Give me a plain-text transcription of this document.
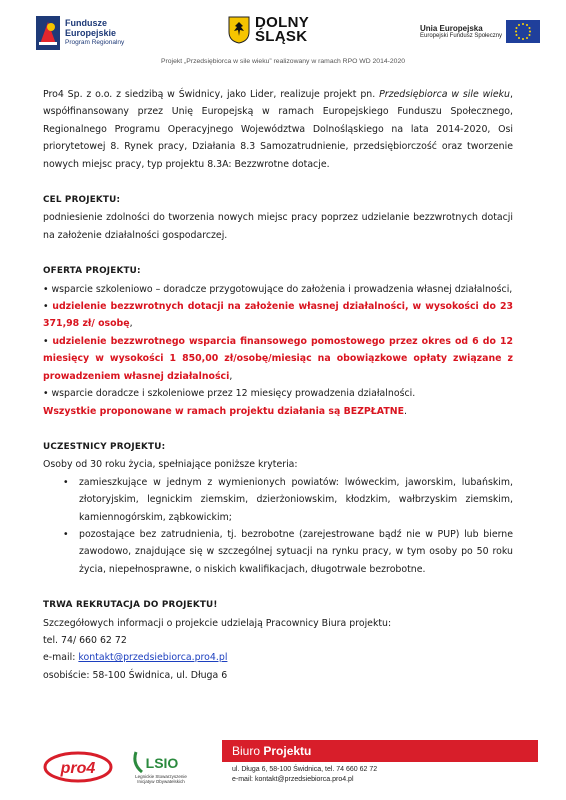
Fundusze
Europejskie
Program Regionalny
DOLNY
ŚLĄSK	Unia Europejska
Europejski Fundusz Społeczny
Projekt „Przedsiębiorca w sile wieku” realizowany w ramach RPO WD 2014-2020

Pro4 Sp. z o.o. z siedzibą w Świdnicy, jako Lider, realizuje projekt pn. Przedsiębiorca w sile wieku, współfinansowany przez Unię Europejską w ramach Europejskiego Funduszu Społecznego, Regionalnego Programu Operacyjnego Województwa Dolnośląskiego na lata 2014-2020, Osi priorytetowej 8. Rynek pracy, Działania 8.3 Samozatrudnienie, przedsiębiorczość oraz tworzenie nowych miejsc pracy, typ projektu 8.3A: Bezzwrotne dotacje.

CEL PROJEKTU:

podniesienie zdolności do tworzenia nowych miejsc pracy poprzez udzielanie bezzwrotnych dotacji na założenie działalności gospodarczej.

OFERTA PROJEKTU:
• wsparcie szkoleniowo – doradcze przygotowujące do założenia i prowadzenia własnej działalności,
• udzielenie bezzwrotnych dotacji na założenie własnej działalności, w wysokości do 23 371,98 zł/ osobę,
• udzielenie bezzwrotnego wsparcia finansowego pomostowego przez okres od 6 do 12 miesięcy w wysokości 1 850,00 zł/osobę/miesiąc na obowiązkowe opłaty związane z prowadzeniem własnej działalności,
• wsparcie doradcze i szkoleniowe przez 12 miesięcy prowadzenia działalności.

Wszystkie proponowane w ramach projektu działania są BEZPŁATNE.

UCZESTNICY PROJEKTU:

Osoby od 30 roku życia, spełniające poniższe kryteria:

• zamieszkujące w jednym z wymienionych powiatów: lwóweckim, jaworskim, lubańskim, złotoryjskim, legnickim ziemskim, dzierżoniowskim, kłodzkim, wałbrzyskim ziemskim, kamiennogórskim, ząbkowickim;
• pozostające bez zatrudnienia, tj. bezrobotne (zarejestrowane bądź nie w PUP) lub bierne zawodowo, znajdujące się w szczególnej sytuacji na rynku pracy, w tym osoby po 50 roku życia, niepełnosprawne, o niskich kwalifikacjach, długotrwale bezrobotne.
TRWA REKRUTACJA DO PROJEKTU!

Szczegółowych informacji o projekcie udzielają Pracownicy Biura projektu:

tel. 74/ 660 62 72

e-mail: kontakt@przedsiebiorca.pro4.pl

osobiście: 58-100 Świdnica, ul. Długa 6

pro4	LSIO
Legnickie Stowarzyszenie Inicjatyw Obywatelskich
Biuro Projektu
ul. Długa 6, 58-100 Świdnica, tel. 74 660 62 72
e-mail: kontakt@przedsiebiorca.pro4.pl
